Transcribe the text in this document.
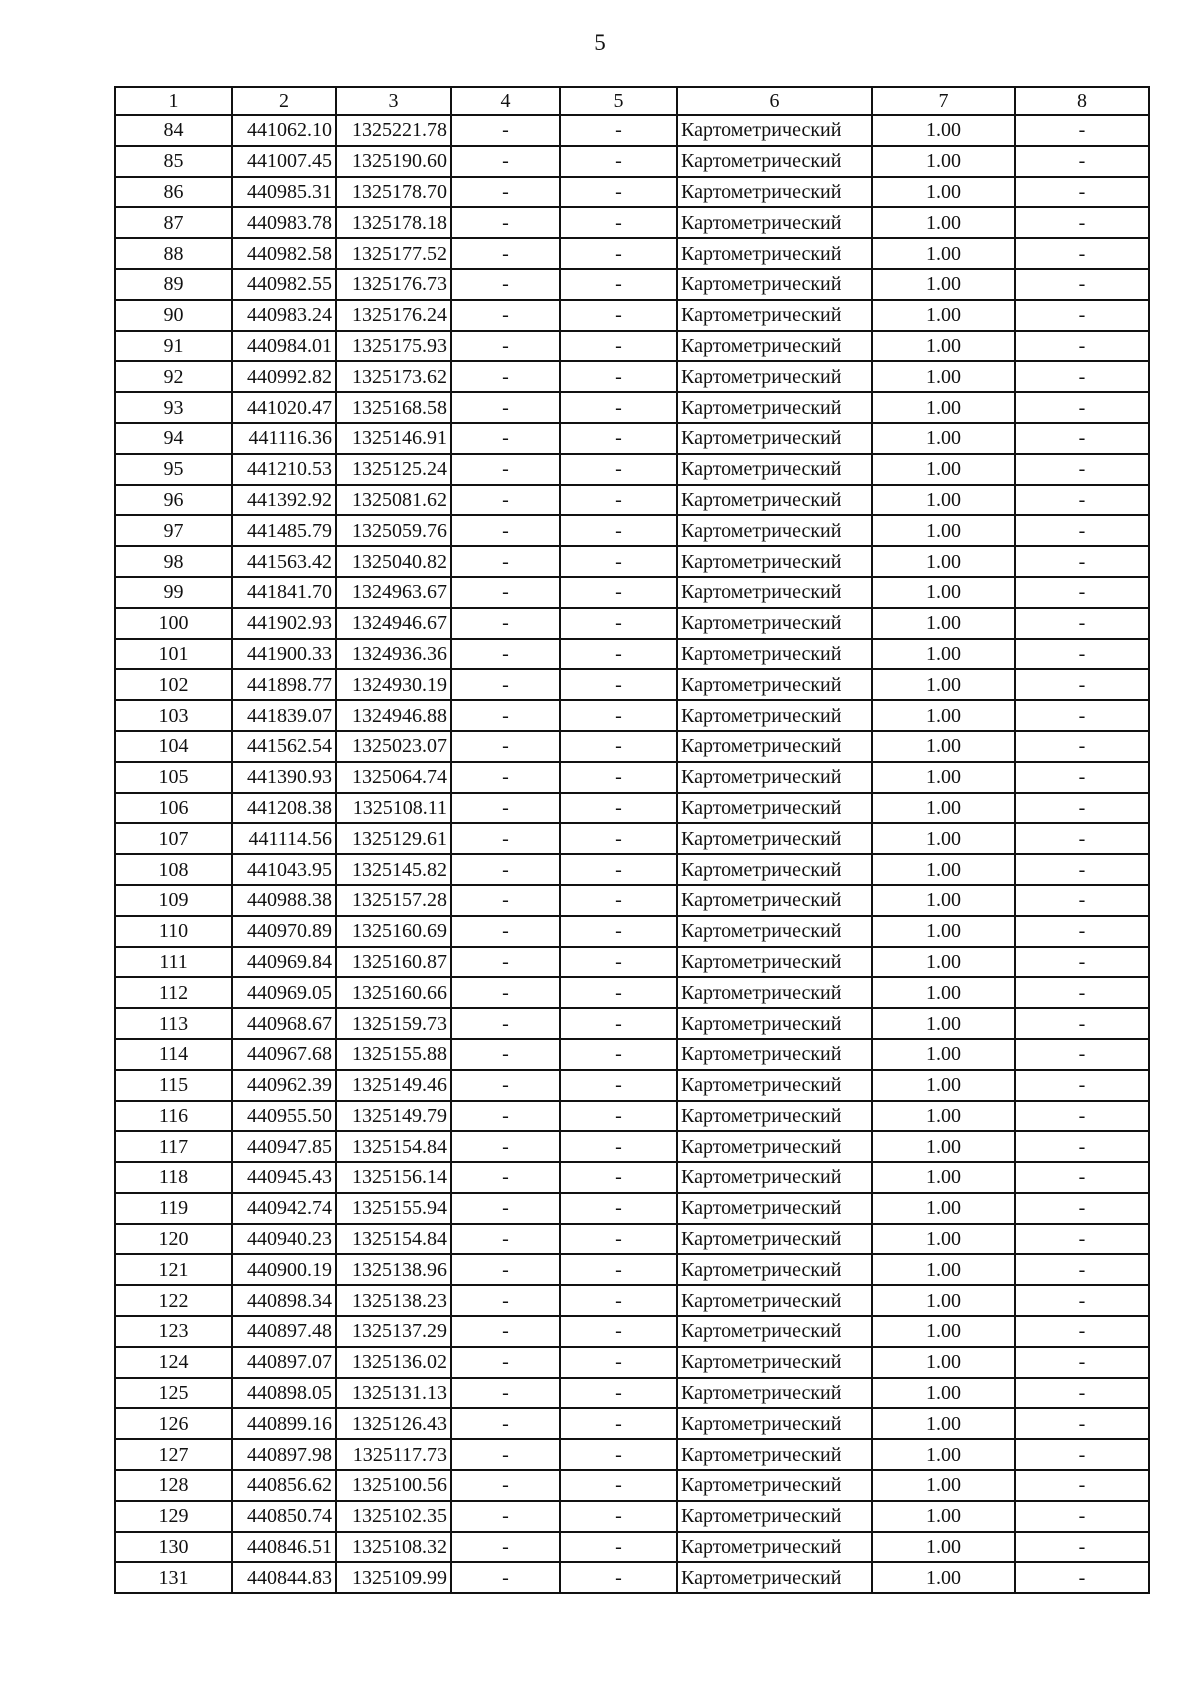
5
1	2	3	4	5	6	7	8
84	441062.10	1325221.78	-	-	Картометрический	1.00	-
85	441007.45	1325190.60	-	-	Картометрический	1.00	-
86	440985.31	1325178.70	-	-	Картометрический	1.00	-
87	440983.78	1325178.18	-	-	Картометрический	1.00	-
88	440982.58	1325177.52	-	-	Картометрический	1.00	-
89	440982.55	1325176.73	-	-	Картометрический	1.00	-
90	440983.24	1325176.24	-	-	Картометрический	1.00	-
91	440984.01	1325175.93	-	-	Картометрический	1.00	-
92	440992.82	1325173.62	-	-	Картометрический	1.00	-
93	441020.47	1325168.58	-	-	Картометрический	1.00	-
94	441116.36	1325146.91	-	-	Картометрический	1.00	-
95	441210.53	1325125.24	-	-	Картометрический	1.00	-
96	441392.92	1325081.62	-	-	Картометрический	1.00	-
97	441485.79	1325059.76	-	-	Картометрический	1.00	-
98	441563.42	1325040.82	-	-	Картометрический	1.00	-
99	441841.70	1324963.67	-	-	Картометрический	1.00	-
100	441902.93	1324946.67	-	-	Картометрический	1.00	-
101	441900.33	1324936.36	-	-	Картометрический	1.00	-
102	441898.77	1324930.19	-	-	Картометрический	1.00	-
103	441839.07	1324946.88	-	-	Картометрический	1.00	-
104	441562.54	1325023.07	-	-	Картометрический	1.00	-
105	441390.93	1325064.74	-	-	Картометрический	1.00	-
106	441208.38	1325108.11	-	-	Картометрический	1.00	-
107	441114.56	1325129.61	-	-	Картометрический	1.00	-
108	441043.95	1325145.82	-	-	Картометрический	1.00	-
109	440988.38	1325157.28	-	-	Картометрический	1.00	-
110	440970.89	1325160.69	-	-	Картометрический	1.00	-
111	440969.84	1325160.87	-	-	Картометрический	1.00	-
112	440969.05	1325160.66	-	-	Картометрический	1.00	-
113	440968.67	1325159.73	-	-	Картометрический	1.00	-
114	440967.68	1325155.88	-	-	Картометрический	1.00	-
115	440962.39	1325149.46	-	-	Картометрический	1.00	-
116	440955.50	1325149.79	-	-	Картометрический	1.00	-
117	440947.85	1325154.84	-	-	Картометрический	1.00	-
118	440945.43	1325156.14	-	-	Картометрический	1.00	-
119	440942.74	1325155.94	-	-	Картометрический	1.00	-
120	440940.23	1325154.84	-	-	Картометрический	1.00	-
121	440900.19	1325138.96	-	-	Картометрический	1.00	-
122	440898.34	1325138.23	-	-	Картометрический	1.00	-
123	440897.48	1325137.29	-	-	Картометрический	1.00	-
124	440897.07	1325136.02	-	-	Картометрический	1.00	-
125	440898.05	1325131.13	-	-	Картометрический	1.00	-
126	440899.16	1325126.43	-	-	Картометрический	1.00	-
127	440897.98	1325117.73	-	-	Картометрический	1.00	-
128	440856.62	1325100.56	-	-	Картометрический	1.00	-
129	440850.74	1325102.35	-	-	Картометрический	1.00	-
130	440846.51	1325108.32	-	-	Картометрический	1.00	-
131	440844.83	1325109.99	-	-	Картометрический	1.00	-
